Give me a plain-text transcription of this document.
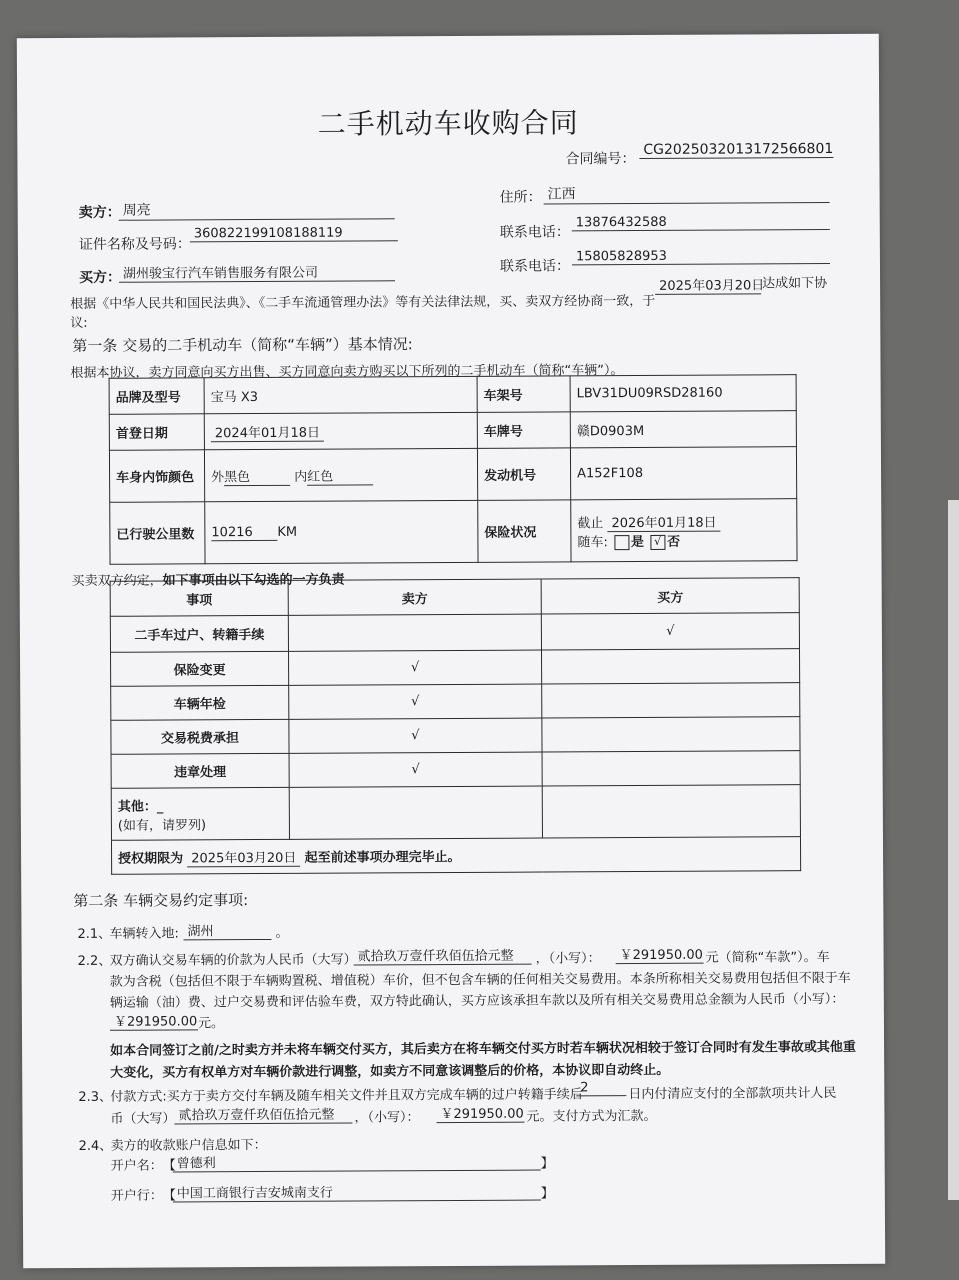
二手机动车收购合同
合同编号：
CG2025032013172566801
卖方： 周亮
住所： 江西
证件名称及号码：
360822199108188119	联系电话：
13876432588
买方： 湖州骏宝行汽车销售服务有限公司	联系电话：
15805828953
根据《中华人民共和国民法典》、《二手车流通管理办法》等有关法律法规，买、卖双方经协商一致，于
2025年03月20日
达成如下协
议:
第一条 交易的二手机动车（简称“车辆”）基本情况:
根据本协议，卖方同意向买方出售、买方同意向卖方购买以下所列的二手机动车（简称“车辆”）。
品牌及型号	宝马 X3	车架号	LBV31DU09RSD28160
首登日期	2024年01月18日	车牌号	赣D0903M
车身内饰颜色	外黑色 内红色	发动机号	A152F108
已行驶公里数	10216 KM	保险状况	截止 2026年01月18日
随车: 是 √ 否
买卖双方约定，如下事项由以下勾选的一方负责
事项	卖方	买方
二手车过户、转籍手续		√
保险变更	√	
车辆年检	√	
交易税费承担	√	
违章处理	√	

其他：_
(如有，请罗列)		

授权期限为 2025年03月20日 起至前述事项办理完毕止。		
第二条 车辆交易约定事项:
2.1、
车辆转入地: 湖州	。
2.2、
双方确认交易车辆的价款为人民币（大写） 贰拾玖万壹仟玖佰伍拾元整	，（小写）：	￥291950.00 元（简称“车款”）。车
款为含税（包括但不限于车辆购置税、增值税）车价，但不包含车辆的任何相关交易费用。本条所称相关交易费用包括但不限于车
辆运输（油）费、过户交易费和评估验车费，双方特此确认，买方应该承担车款以及所有相关交易费用总金额为人民币（小写）：
￥291950.00 元。
如本合同签订之前/之时卖方并未将车辆交付买方，其后卖方在将车辆交付买方时若车辆状况相较于签订合同时有发生事故或其他重
大变化，买方有权单方对车辆价款进行调整，如卖方不同意该调整后的价格，本协议即自动终止。
2.3、
付款方式:买方于卖方交付车辆及随车相关文件并且双方完成车辆的过户转籍手续后
2	日内付清应支付的全部款项共计人民
币（大写） 贰拾玖万壹仟玖佰伍拾元整	，（小写）：	￥291950.00 元。支付方式为汇款。
2.4、
卖方的收款账户信息如下：
开户名： 【 曾德利	】
开户行： 【 中国工商银行吉安城南支行	】
